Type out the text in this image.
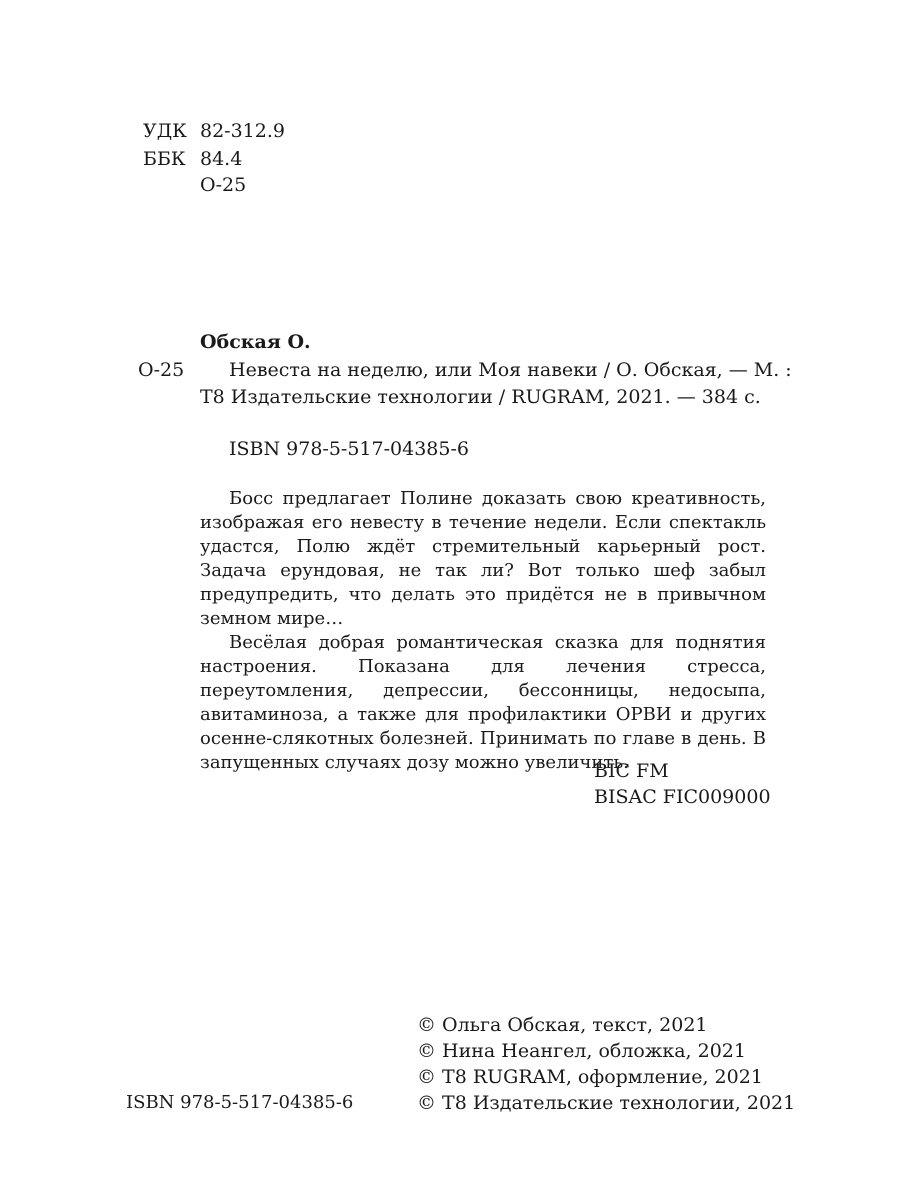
УДК 82-312.9
ББК 84.4
О-25
Обская О.
О-25 Невеста на неделю, или Моя навеки / О. Обская, — М. :
Т8 Издательские технологии / RUGRAM, 2021. — 384 с.
ISBN 978-5-517-04385-6

Босс предлагает Полине доказать свою креативность, изображая его невесту в течение недели. Если спектакль удастся, Полю ждёт стремительный карьерный рост. Задача ерундовая, не так ли? Вот только шеф забыл предупредить, что делать это придётся не в привычном земном мире…

Весёлая добрая романтическая сказка для поднятия настроения. Показана для лечения стресса, переутомления, депрессии, бессонницы, недосыпа, авитаминоза, а также для профилактики ОРВИ и других осенне-слякотных болезней. Принимать по главе в день. В запущенных случаях дозу можно увеличить.

BIC FM
BISAC FIC009000
ISBN 978-5-517-04385-6
© Ольга Обская, текст, 2021
© Нина Неангел, обложка, 2021
© Т8 RUGRAM, оформление, 2021
© Т8 Издательские технологии, 2021
